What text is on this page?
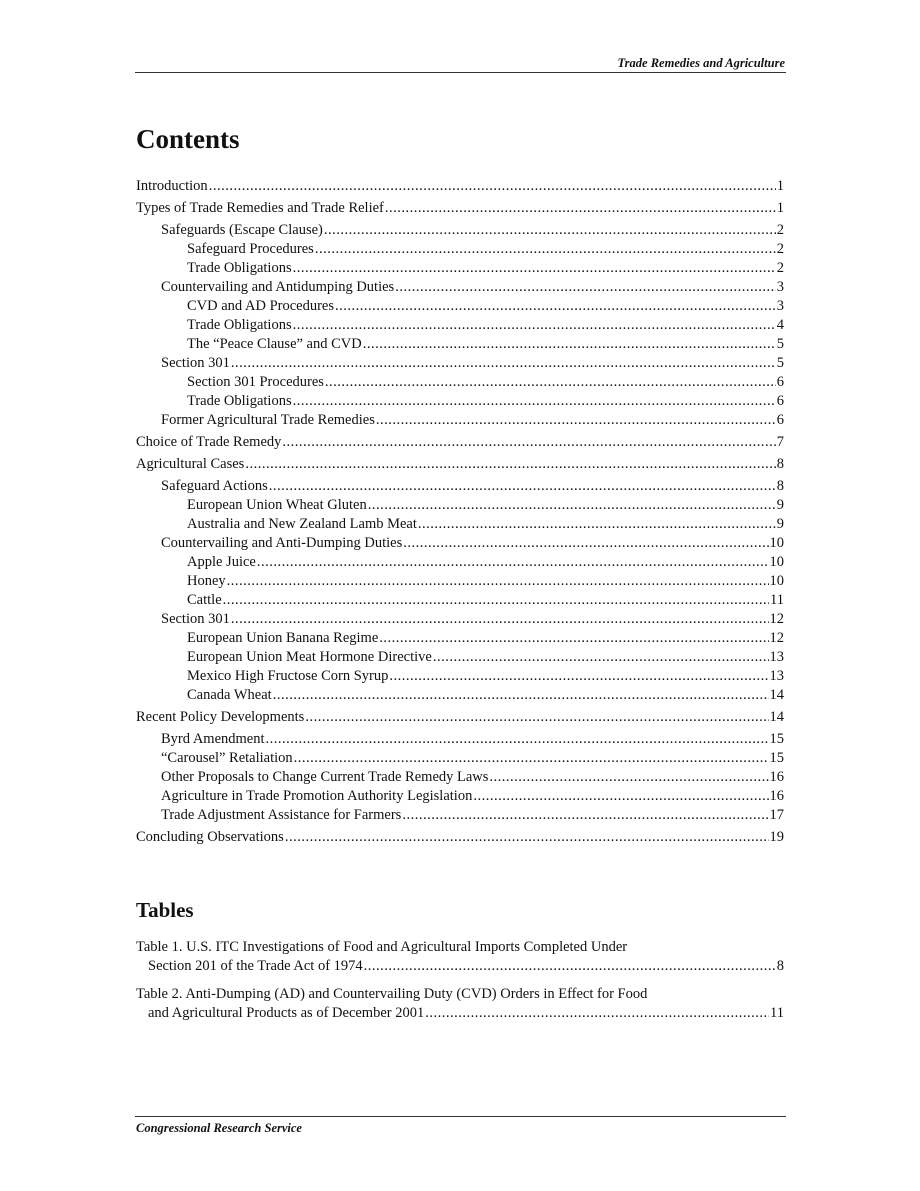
Trade Remedies and Agriculture
Contents
Introduction .....	1
Types of Trade Remedies and Trade Relief .....	1
Safeguards (Escape Clause) .....	2
Safeguard Procedures .....	2
Trade Obligations .....	2
Countervailing and Antidumping Duties .....	3
CVD and AD Procedures .....	3
Trade Obligations .....	4
The “Peace Clause” and CVD .....	5
Section 301 .....	5
Section 301 Procedures .....	6
Trade Obligations .....	6
Former Agricultural Trade Remedies .....	6
Choice of Trade Remedy .....	7
Agricultural Cases .....	8
Safeguard Actions .....	8
European Union Wheat Gluten .....	9
Australia and New Zealand Lamb Meat .....	9
Countervailing and Anti-Dumping Duties .....	10
Apple Juice .....	10
Honey .....	10
Cattle .....	11
Section 301 .....	12
European Union Banana Regime .....	12
European Union Meat Hormone Directive .....	13
Mexico High Fructose Corn Syrup .....	13
Canada Wheat .....	14
Recent Policy Developments .....	14
Byrd Amendment .....	15
“Carousel” Retaliation .....	15
Other Proposals to Change Current Trade Remedy Laws .....	16
Agriculture in Trade Promotion Authority Legislation .....	16
Trade Adjustment Assistance for Farmers .....	17
Concluding Observations .....	19
Tables
Table 1. U.S. ITC Investigations of Food and Agricultural Imports Completed Under
Section 201 of the Trade Act of 1974 .....	8
Table 2. Anti-Dumping (AD) and Countervailing Duty (CVD) Orders in Effect for Food
and Agricultural Products as of December 2001 .....	11
Congressional Research Service
